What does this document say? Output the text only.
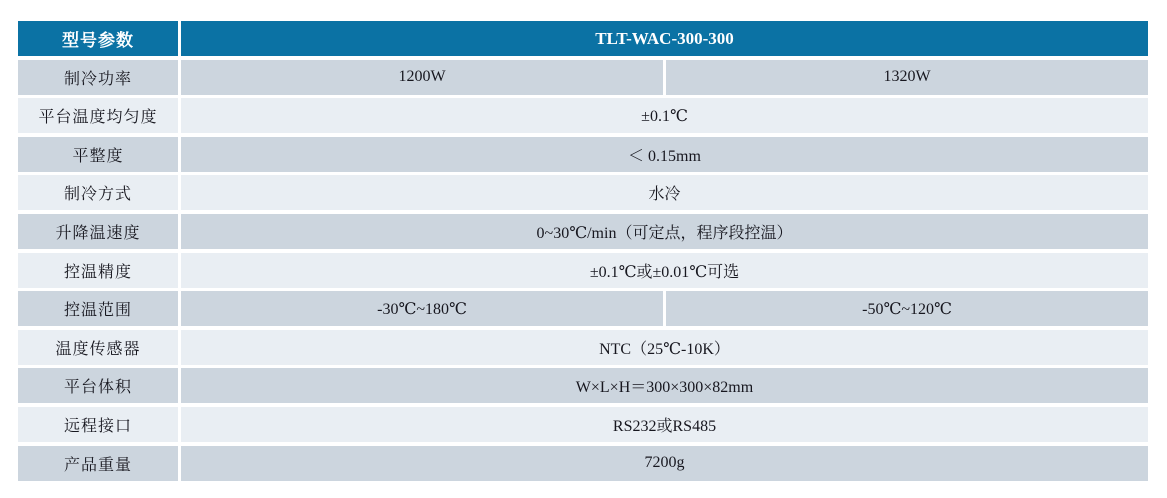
型号参数	TLT-WAC-300-300
制冷功率	1200W	1320W
平台温度均匀度	±0.1℃
平整度	＜ 0.15mm
制冷方式	水冷
升降温速度	0~30℃/min（可定点，程序段控温）
控温精度	±0.1℃或±0.01℃可选
控温范围	-30℃~180℃	-50℃~120℃
温度传感器	NTC（25℃-10K）
平台体积	W×L×H＝300×300×82mm
远程接口	RS232或RS485
产品重量	7200g
